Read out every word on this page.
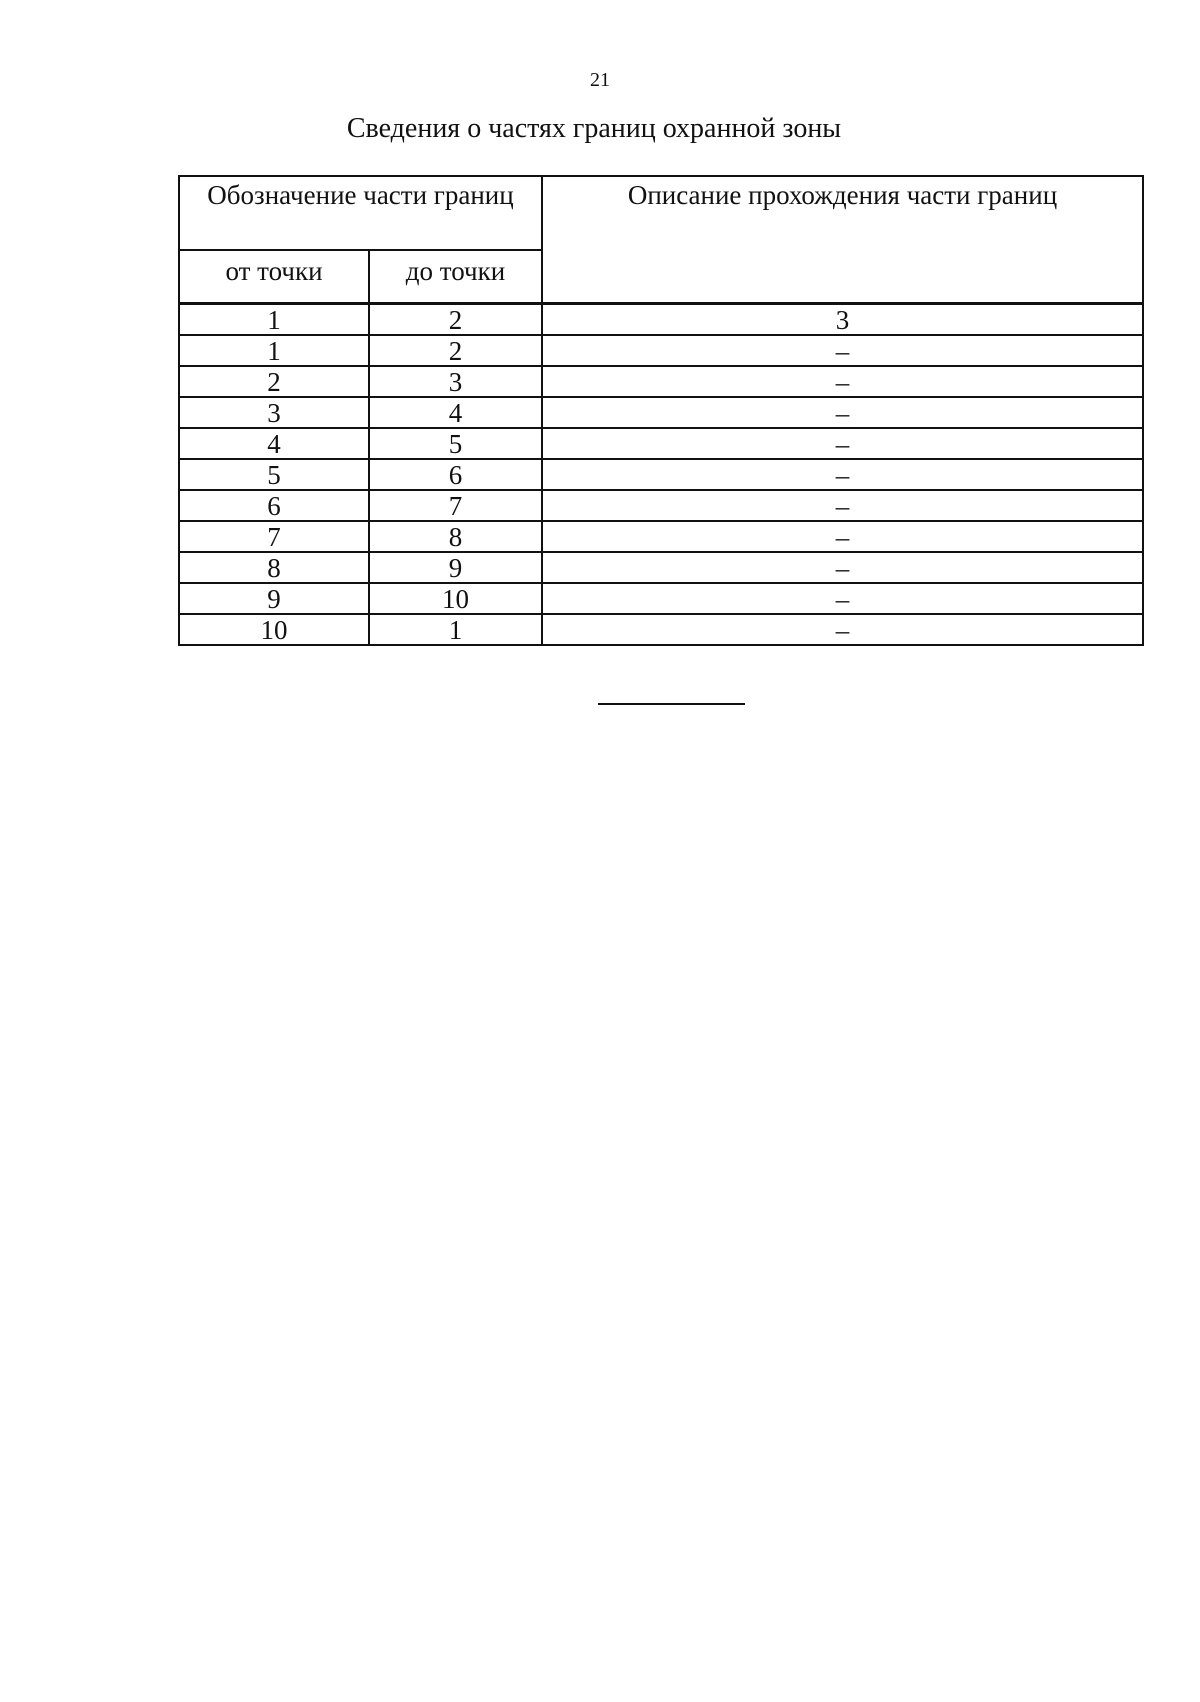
21
Сведения о частях границ охранной зоны
Обозначение части границ		Описание прохождения части границ
от точки	до точки	
1	2	3
1	2	–
2	3	–
3	4	–
4	5	–
5	6	–
6	7	–
7	8	–
8	9	–
9	10	–
10	1	–
